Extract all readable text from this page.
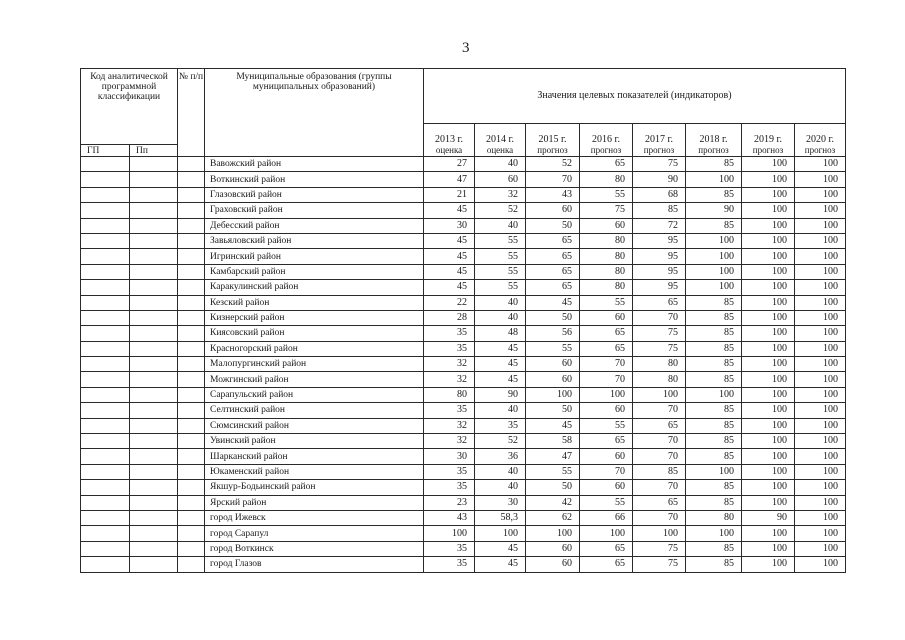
3
Код аналитической программной классификации		№ п/п	Муниципальные образования (группы муниципальных образований)	Значения целевых показателей (индикаторов)							
				2013 г.	2014 г.	2015 г.	2016 г.	2017 г.	2018 г.	2019 г.	2020 г.
ГП	Пп			оценка	оценка	прогноз	прогноз	прогноз	прогноз	прогноз	прогноз
			Вавожский район	27	40	52	65	75	85	100	100
			Воткинский район	47	60	70	80	90	100	100	100
			Глазовский район	21	32	43	55	68	85	100	100
			Граховский район	45	52	60	75	85	90	100	100
			Дебесский район	30	40	50	60	72	85	100	100
			Завьяловский район	45	55	65	80	95	100	100	100
			Игринский район	45	55	65	80	95	100	100	100
			Камбарский район	45	55	65	80	95	100	100	100
			Каракулинский район	45	55	65	80	95	100	100	100
			Кезский район	22	40	45	55	65	85	100	100
			Кизнерский район	28	40	50	60	70	85	100	100
			Киясовский район	35	48	56	65	75	85	100	100
			Красногорский район	35	45	55	65	75	85	100	100
			Малопургинский район	32	45	60	70	80	85	100	100
			Можгинский район	32	45	60	70	80	85	100	100
			Сарапульский район	80	90	100	100	100	100	100	100
			Селтинский район	35	40	50	60	70	85	100	100
			Сюмсинский район	32	35	45	55	65	85	100	100
			Увинский район	32	52	58	65	70	85	100	100
			Шарканский район	30	36	47	60	70	85	100	100
			Юкаменский район	35	40	55	70	85	100	100	100
			Якшур-Бодьинский район	35	40	50	60	70	85	100	100
			Ярский район	23	30	42	55	65	85	100	100
			город Ижевск	43	58,3	62	66	70	80	90	100
			город Сарапул	100	100	100	100	100	100	100	100
			город Воткинск	35	45	60	65	75	85	100	100
			город Глазов	35	45	60	65	75	85	100	100
